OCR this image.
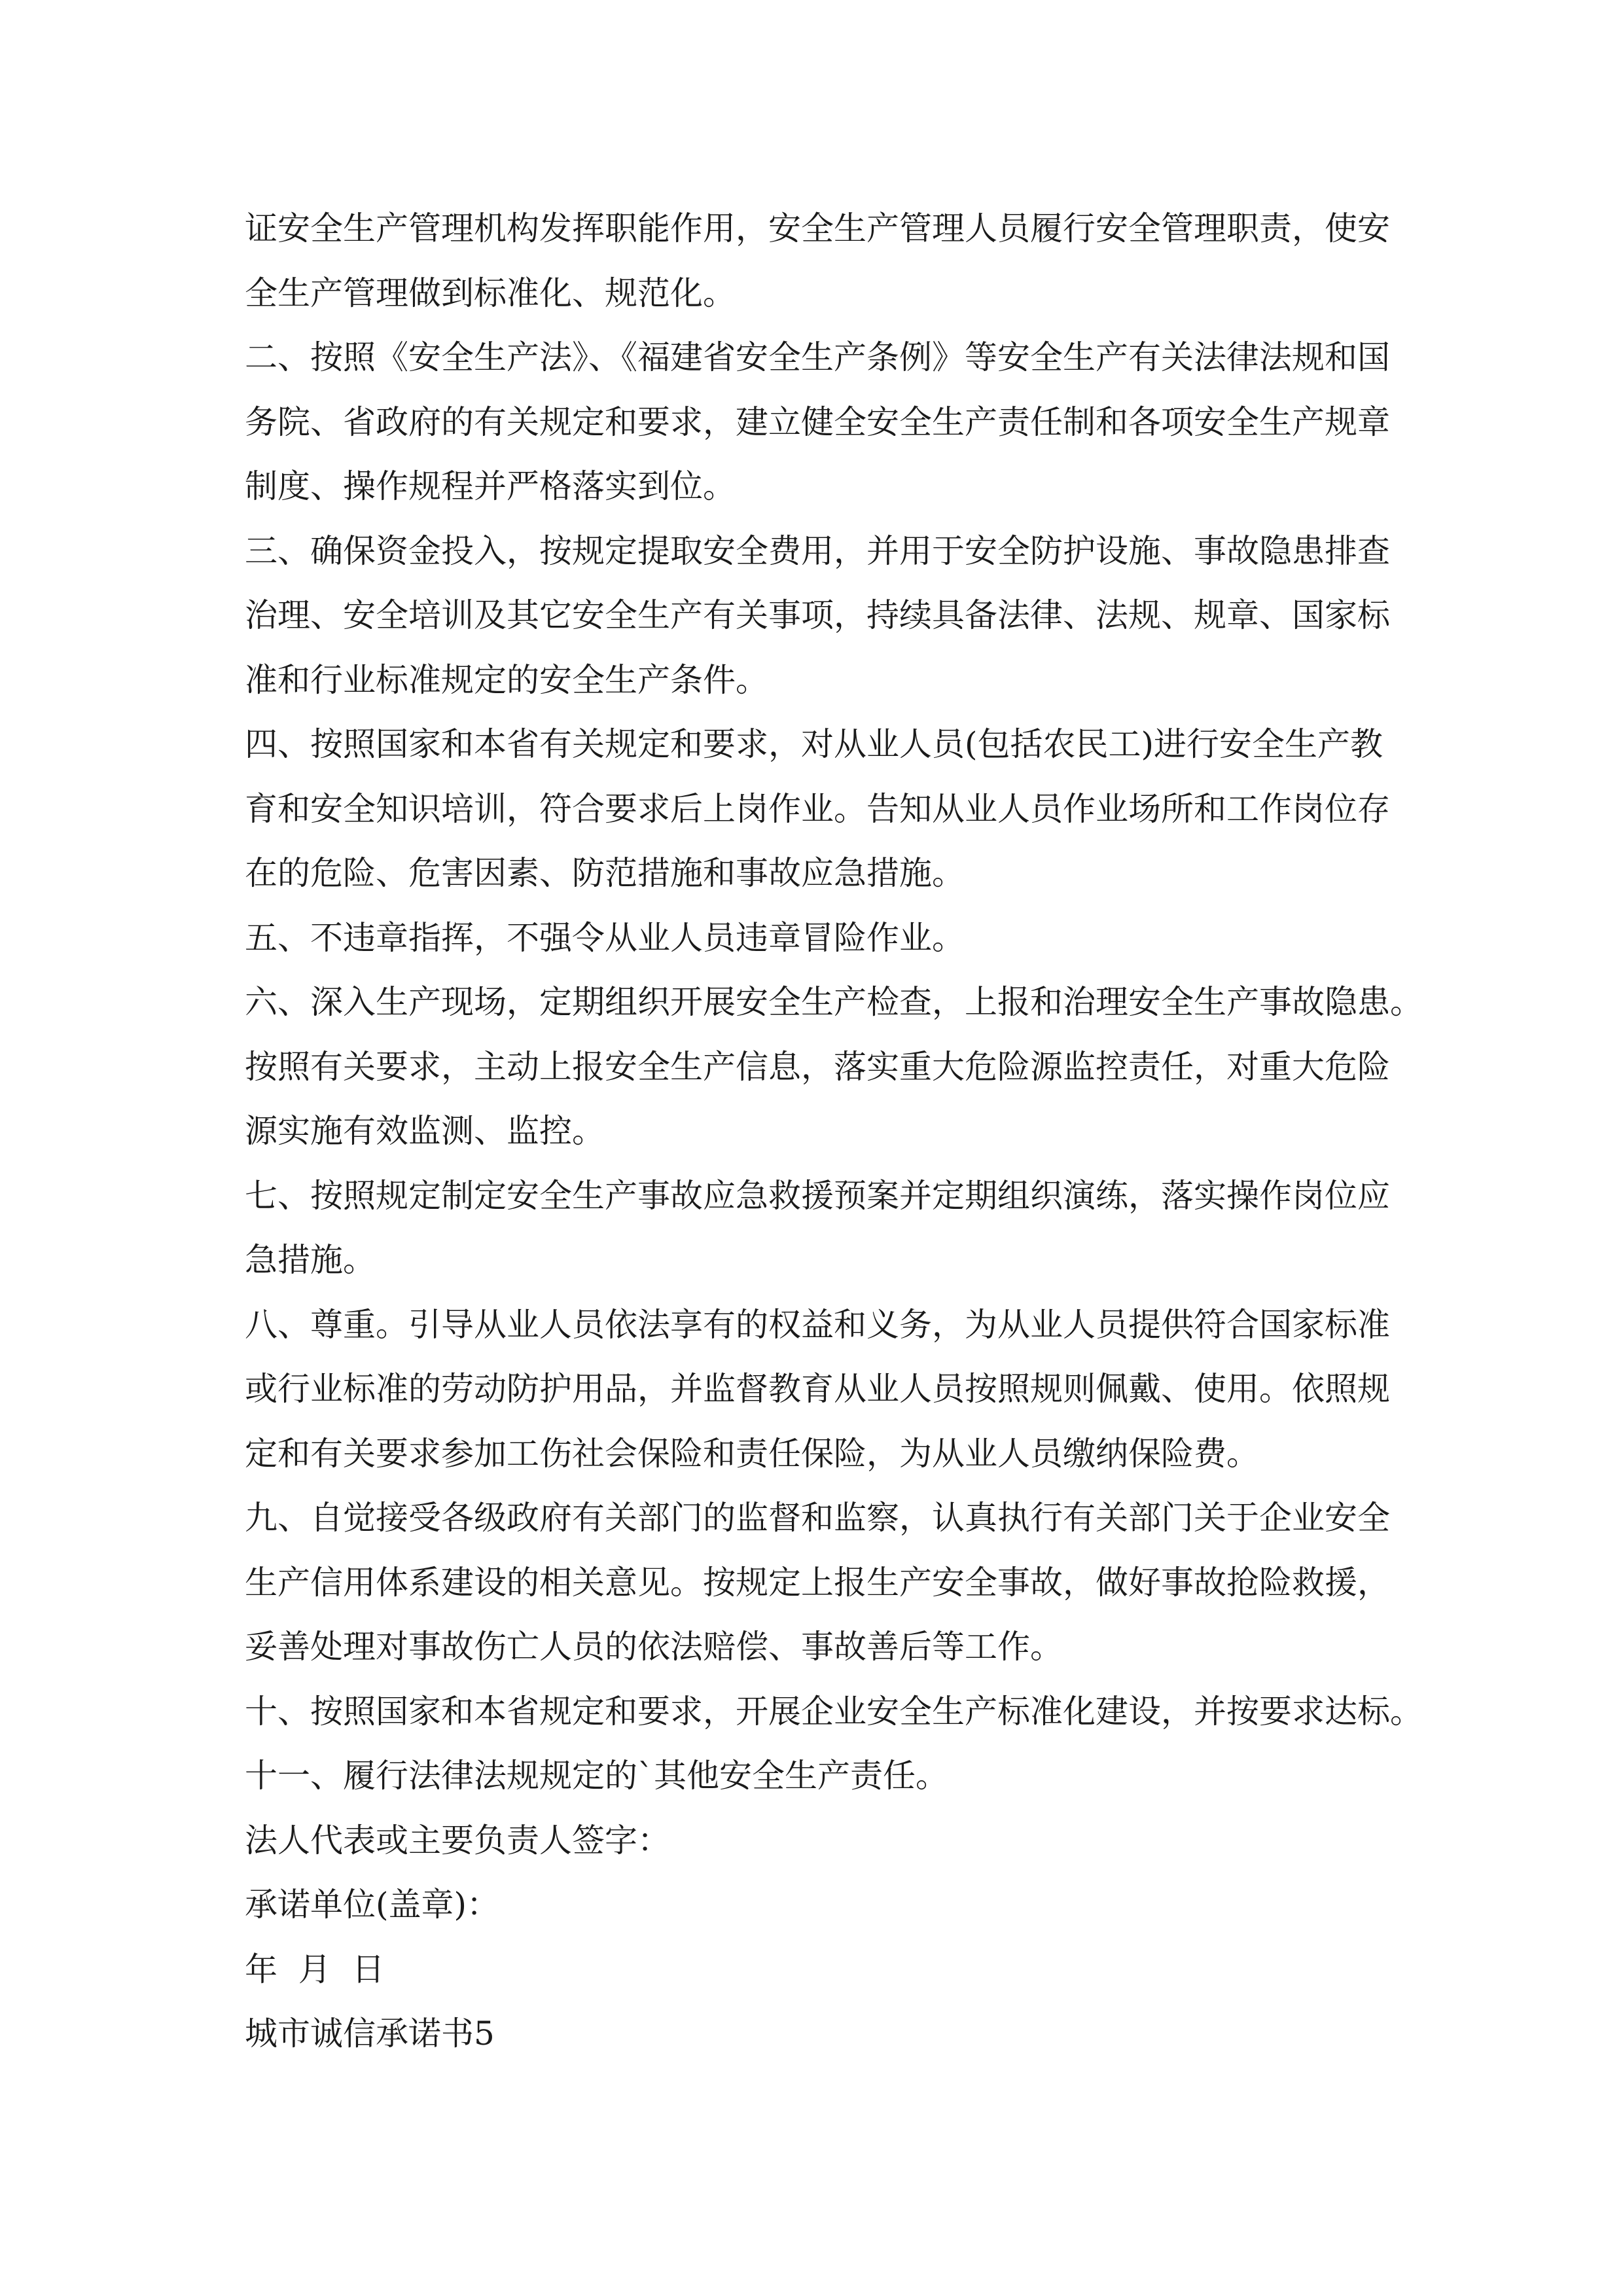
证安全生产管理机构发挥职能作用，安全生产管理人员履行安全管理职责，使安
全生产管理做到标准化、规范化。

二、按照《安全生产法》、《福建省安全生产条例》等安全生产有关法律法规和国
务院、省政府的有关规定和要求，建立健全安全生产责任制和各项安全生产规章
制度、操作规程并严格落实到位。

三、确保资金投入，按规定提取安全费用，并用于安全防护设施、事故隐患排查
治理、安全培训及其它安全生产有关事项，持续具备法律、法规、规章、国家标
准和行业标准规定的安全生产条件。

四、按照国家和本省有关规定和要求，对从业人员(包括农民工)进行安全生产教
育和安全知识培训，符合要求后上岗作业。告知从业人员作业场所和工作岗位存
在的危险、危害因素、防范措施和事故应急措施。

五、不违章指挥，不强令从业人员违章冒险作业。

六、深入生产现场，定期组织开展安全生产检查，上报和治理安全生产事故隐患。
按照有关要求，主动上报安全生产信息，落实重大危险源监控责任，对重大危险
源实施有效监测、监控。

七、按照规定制定安全生产事故应急救援预案并定期组织演练，落实操作岗位应
急措施。

八、尊重。引导从业人员依法享有的权益和义务，为从业人员提供符合国家标准
或行业标准的劳动防护用品，并监督教育从业人员按照规则佩戴、使用。依照规
定和有关要求参加工伤社会保险和责任保险，为从业人员缴纳保险费。

九、自觉接受各级政府有关部门的监督和监察，认真执行有关部门关于企业安全
生产信用体系建设的相关意见。按规定上报生产安全事故，做好事故抢险救援，
妥善处理对事故伤亡人员的依法赔偿、事故善后等工作。

十、按照国家和本省规定和要求，开展企业安全生产标准化建设，并按要求达标。

十一、履行法律法规规定的`其他安全生产责任。

法人代表或主要负责人签字：

承诺单位(盖章)：

年  月  日

城市诚信承诺书5
